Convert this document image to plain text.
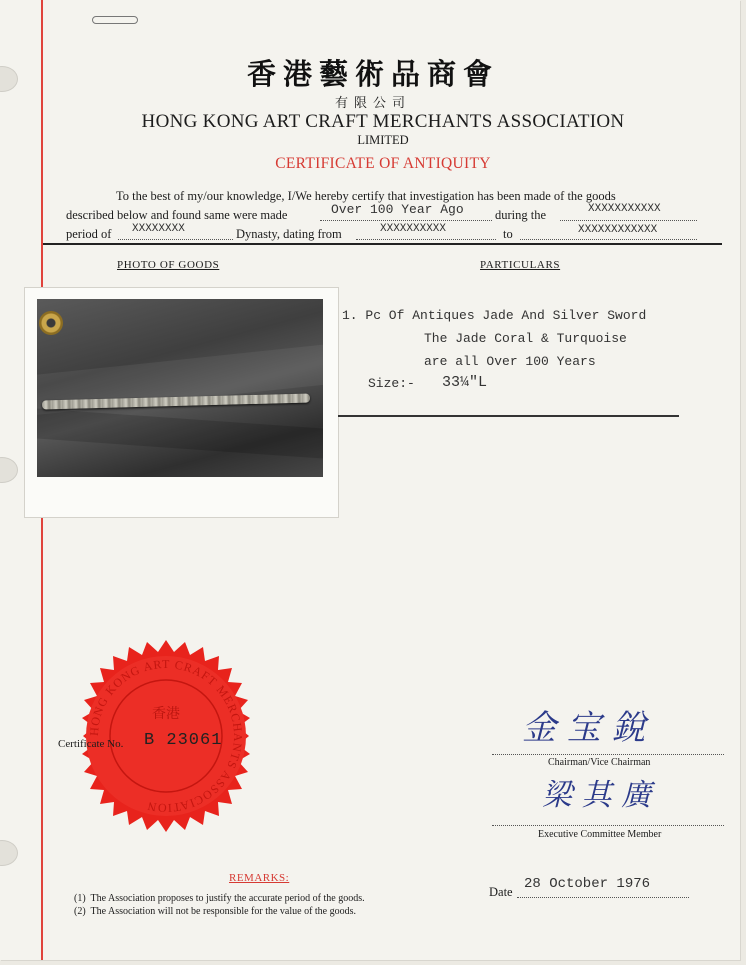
香港藝術品商會
有限公司
HONG KONG ART CRAFT MERCHANTS ASSOCIATION
LIMITED
CERTIFICATE OF ANTIQUITY
To the best of my/our knowledge, I/We hereby certify that investigation has been made of the goods
described below and found same were made	Over 100 Year Ago	during the	XXXXXXXXXXX
period of XXXXXXXX	Dynasty, dating from	XXXXXXXXXX	to	XXXXXXXXXXXX
PHOTO OF GOODS	PARTICULARS
1. Pc Of Antiques Jade And Silver Sword
The Jade Coral & Turquoise
are all Over 100 Years
Size:- 33¼"L
HONG KONG ART CRAFT MERCHANTS ASSOCIATION
香港
Certificate No. B 23061	金 宝 銳
Chairman/Vice Chairman
梁 其 廣
Executive Committee Member
REMARKS:
(1) The Association proposes to justify the accurate period of the goods.
(2) The Association will not be responsible for the value of the goods.
Date 28 October 1976
